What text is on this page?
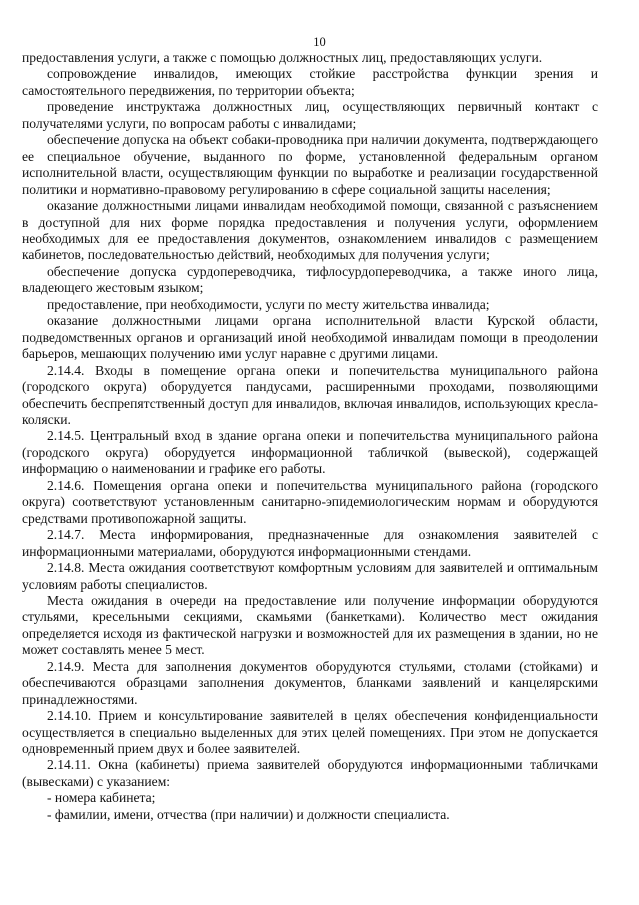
10

предоставления услуги, а также с помощью должностных лиц, предоставляющих услуги.

сопровождение инвалидов, имеющих стойкие расстройства функции зрения и самостоятельного передвижения, по территории объекта;

проведение инструктажа должностных лиц, осуществляющих первичный контакт с получателями услуги, по вопросам работы с инвалидами;

обеспечение допуска на объект собаки-проводника при наличии документа, подтверждающего ее специальное обучение, выданного по форме, установленной федеральным органом исполнительной власти, осуществляющим функции по выработке и реализации государственной политики и нормативно-правовому регулированию в сфере социальной защиты населения;

оказание должностными лицами инвалидам необходимой помощи, связанной с разъяснением в доступной для них форме порядка предоставления и получения услуги, оформлением необходимых для ее предоставления документов, ознакомлением инвалидов с размещением кабинетов, последовательностью действий, необходимых для получения услуги;

обеспечение допуска сурдопереводчика, тифлосурдопереводчика, а также иного лица, владеющего жестовым языком;

предоставление, при необходимости, услуги по месту жительства инвалида;

оказание должностными лицами органа исполнительной власти Курской области, подведомственных органов и организаций иной необходимой инвалидам помощи в преодолении барьеров, мешающих получению ими услуг наравне с другими лицами.

2.14.4. Входы в помещение органа опеки и попечительства муниципального района (городского округа) оборудуется пандусами, расширенными проходами, позволяющими обеспечить беспрепятственный доступ для инвалидов, включая инвалидов, использующих кресла-коляски.

2.14.5. Центральный вход в здание органа опеки и попечительства муниципального района (городского округа) оборудуется информационной табличкой (вывеской), содержащей информацию о наименовании и графике его работы.

2.14.6. Помещения органа опеки и попечительства муниципального района (городского округа) соответствуют установленным санитарно-эпидемиологическим нормам и оборудуются средствами противопожарной защиты.

2.14.7. Места информирования, предназначенные для ознакомления заявителей с информационными материалами, оборудуются информационными стендами.

2.14.8. Места ожидания соответствуют комфортным условиям для заявителей и оптимальным условиям работы специалистов.

Места ожидания в очереди на предоставление или получение информации оборудуются стульями, кресельными секциями, скамьями (банкетками). Количество мест ожидания определяется исходя из фактической нагрузки и возможностей для их размещения в здании, но не может составлять менее 5 мест.

2.14.9. Места для заполнения документов оборудуются стульями, столами (стойками) и обеспечиваются образцами заполнения документов, бланками заявлений и канцелярскими принадлежностями.

2.14.10. Прием и консультирование заявителей в целях обеспечения конфиденциальности осуществляется в специально выделенных для этих целей помещениях. При этом не допускается одновременный прием двух и более заявителей.

2.14.11. Окна (кабинеты) приема заявителей оборудуются информационными табличками (вывесками) с указанием:

- номера кабинета;

- фамилии, имени, отчества (при наличии) и должности специалиста.
